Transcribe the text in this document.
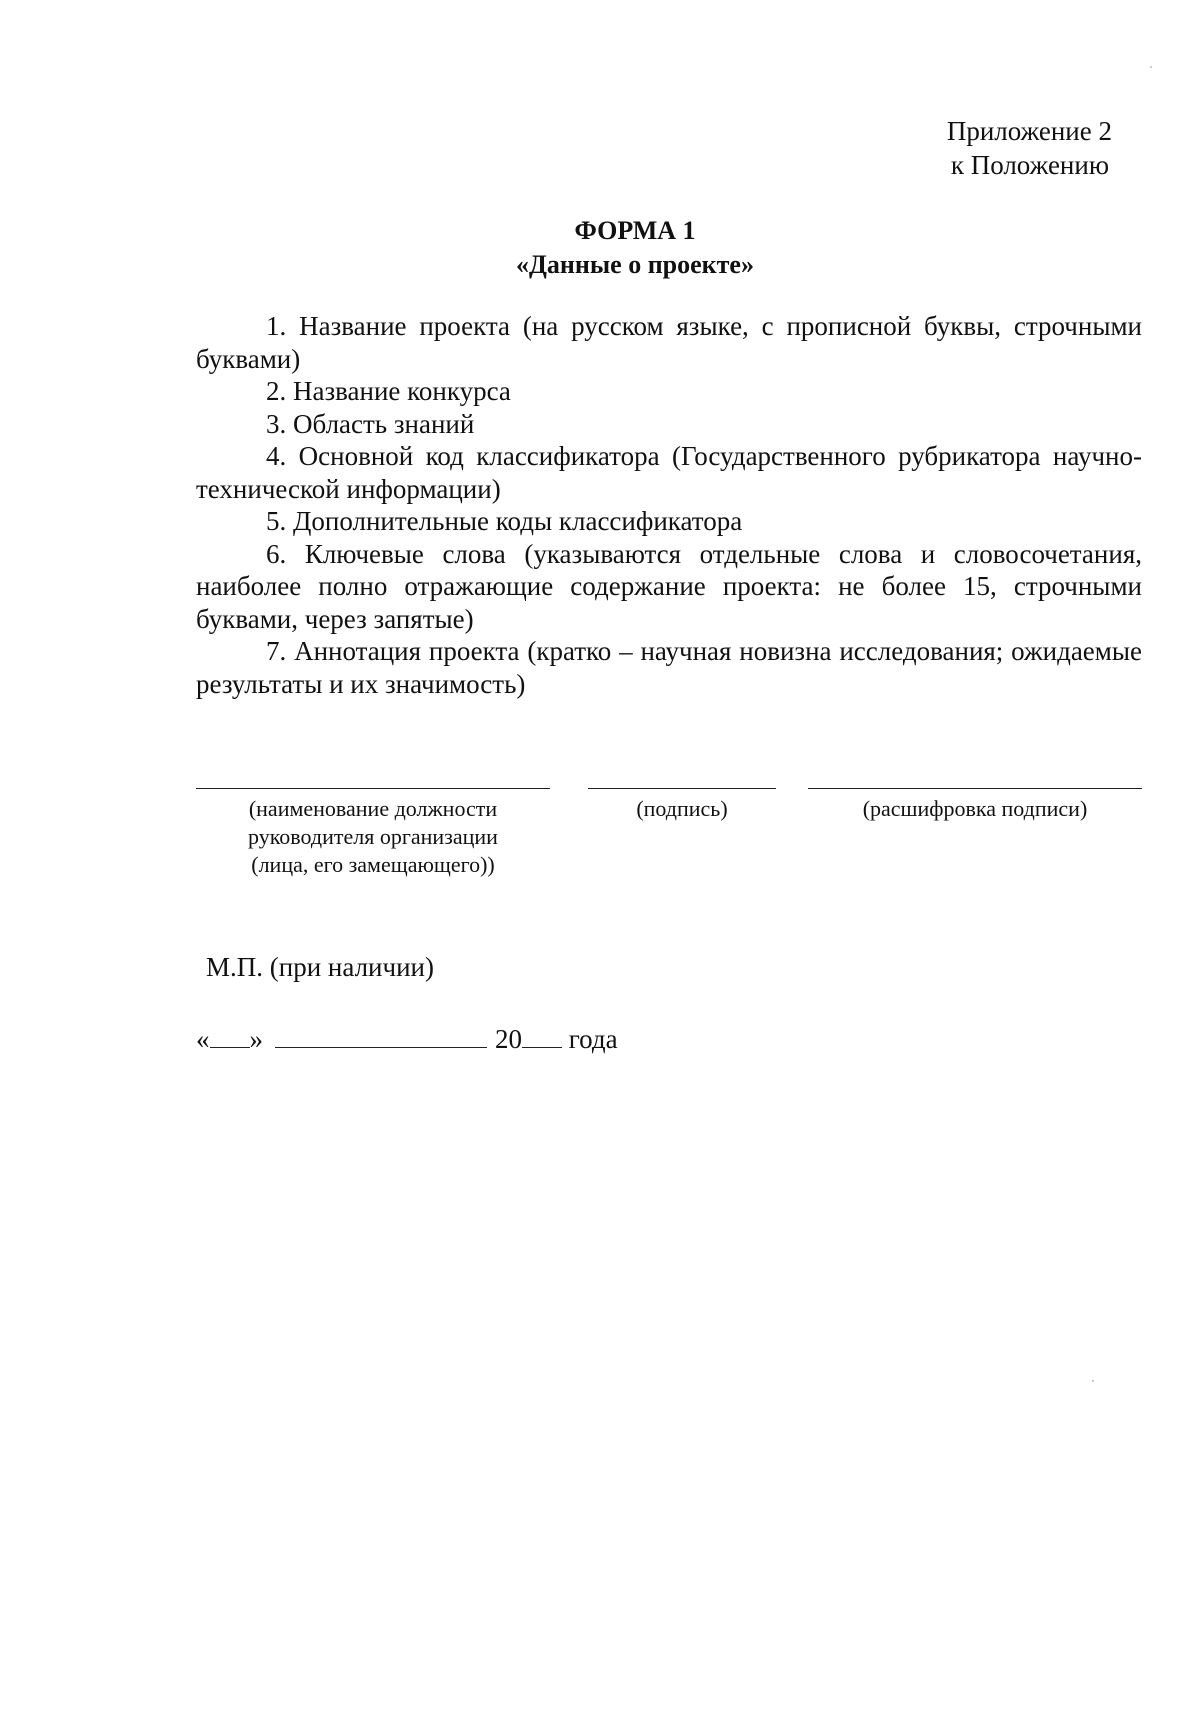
Приложение 2

к Положению
ФОРМА 1
«Данные о проекте»

1. Название проекта (на русском языке, с прописной буквы, строчными буквами)

2. Название конкурса

3. Область знаний

4. Основной код классификатора (Государственного рубрикатора научно-технической информации)

5. Дополнительные коды классификатора

6. Ключевые слова (указываются отдельные слова и словосочетания, наиболее полно отражающие содержание проекта: не более 15, строчными буквами, через запятые)

7. Аннотация проекта (кратко – научная новизна исследования; ожидаемые результаты и их значимость)

(наименование должности
руководителя организации
(лица, его замещающего))
(подпись)	(расшифровка подписи)
М.П. (при наличии)
« »	20 года
